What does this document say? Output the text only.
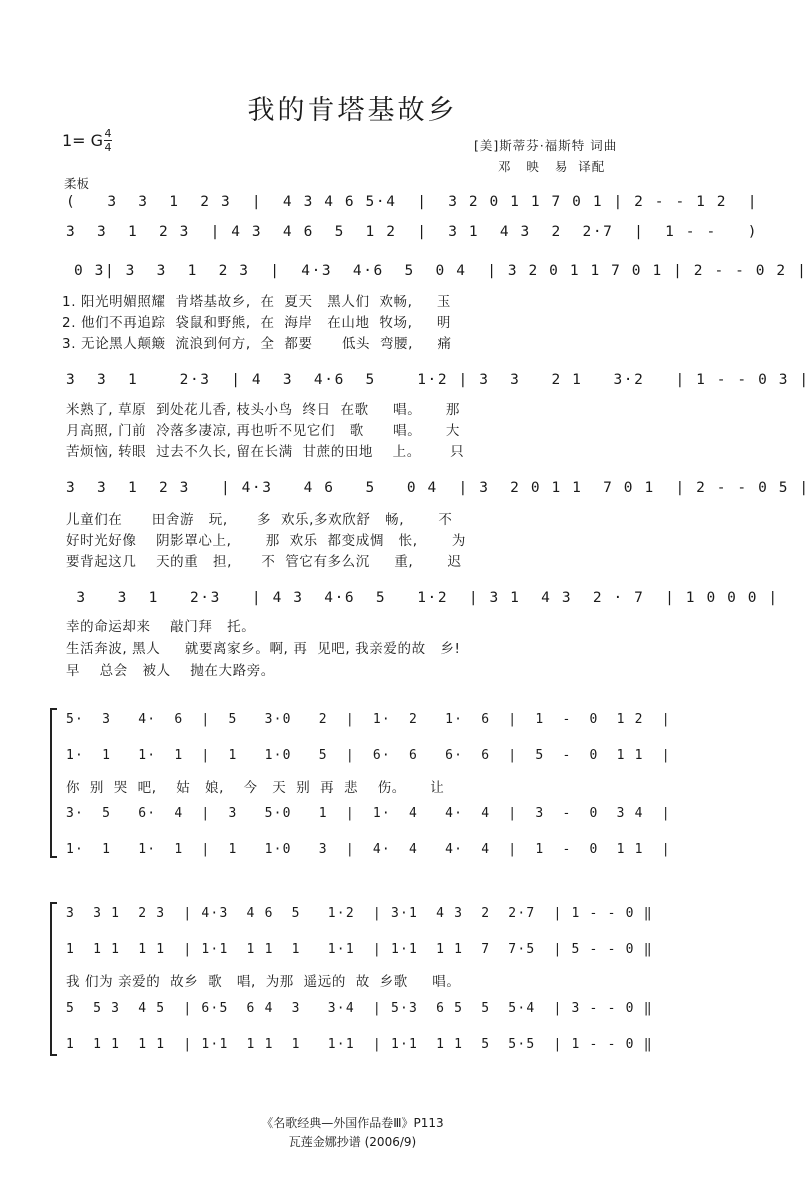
我的肯塔基故乡
1= G 4
4	[美]斯蒂芬·福斯特 词曲
邓   映   易  译配
柔板
(   3  3  1  2 3  |  4 3 4 6 5·4  |  3 2 0 1 1 7 0 1 | 2 - - 1 2  |
3  3  1  2 3  | 4 3  4 6  5  1 2  |  3 1  4 3  2  2·7  |  1 - -   )
0 3| 3  3  1  2 3  |  4·3  4·6  5  0 4  | 3 2 0 1 1 7 0 1 | 2 - - 0 2 |
1. 阳光明媚照耀  肯塔基故乡,  在  夏天   黑人们  欢畅,     玉
2. 他们不再追踪  袋鼠和野熊,  在  海岸   在山地  牧场,     明
3. 无论黑人颠簸  流浪到何方,  全  都要      低头  弯腰,     痛
3  3  1    2·3  | 4  3  4·6  5    1·2 | 3  3   2 1   3·2   | 1 - - 0 3 |
米熟了, 草原  到处花儿香, 枝头小鸟  终日  在歌     唱。     那
月高照, 门前  冷落多凄凉, 再也听不见它们   歌      唱。     大
苦烦恼, 转眼  过去不久长, 留在长满  甘蔗的田地    上。      只
3  3  1  2 3   | 4·3   4 6   5   0 4  | 3  2 0 1 1  7 0 1  | 2 - - 0 5 |
儿童们在      田舍游   玩,      多  欢乐,多欢欣舒   畅,       不
好时光好像    阴影罩心上,       那  欢乐  都变成惆   怅,       为
要背起这几    天的重   担,      不  管它有多么沉     重,       迟
3   3  1   2·3   | 4 3  4·6  5   1·2  | 3 1  4 3  2 · 7  | 1 0 0 0 |
幸的命运却来    敲门拜   托。
生活奔波, 黑人     就要离家乡。啊, 再  见吧, 我亲爱的故   乡!
早    总会   被人    抛在大路旁。
5·  3   4·  6  |  5   3·0   2  |  1·  2   1·  6  |  1  -  0  1 2  |
1·  1   1·  1  |  1   1·0   5  |  6·  6   6·  6  |  5  -  0  1 1  |
你  别  哭  吧,    姑   娘,    今   天  别  再  悲    伤。     让
3·  5   6·  4  |  3   5·0   1  |  1·  4   4·  4  |  3  -  0  3 4  |
1·  1   1·  1  |  1   1·0   3  |  4·  4   4·  4  |  1  -  0  1 1  |
3  3 1  2 3  | 4·3  4 6  5   1·2  | 3·1  4 3  2  2·7  | 1 - - 0 ‖
1  1 1  1 1  | 1·1  1 1  1   1·1  | 1·1  1 1  7  7·5  | 5 - - 0 ‖
我 们为 亲爱的  故乡  歌   唱,  为那  遥远的  故  乡歌     唱。
5  5 3  4 5  | 6·5  6 4  3   3·4  | 5·3  6 5  5  5·4  | 3 - - 0 ‖
1  1 1  1 1  | 1·1  1 1  1   1·1  | 1·1  1 1  5  5·5  | 1 - - 0 ‖
《名歌经典—外国作品卷Ⅲ》P113
瓦莲金娜抄谱 (2006/9)
